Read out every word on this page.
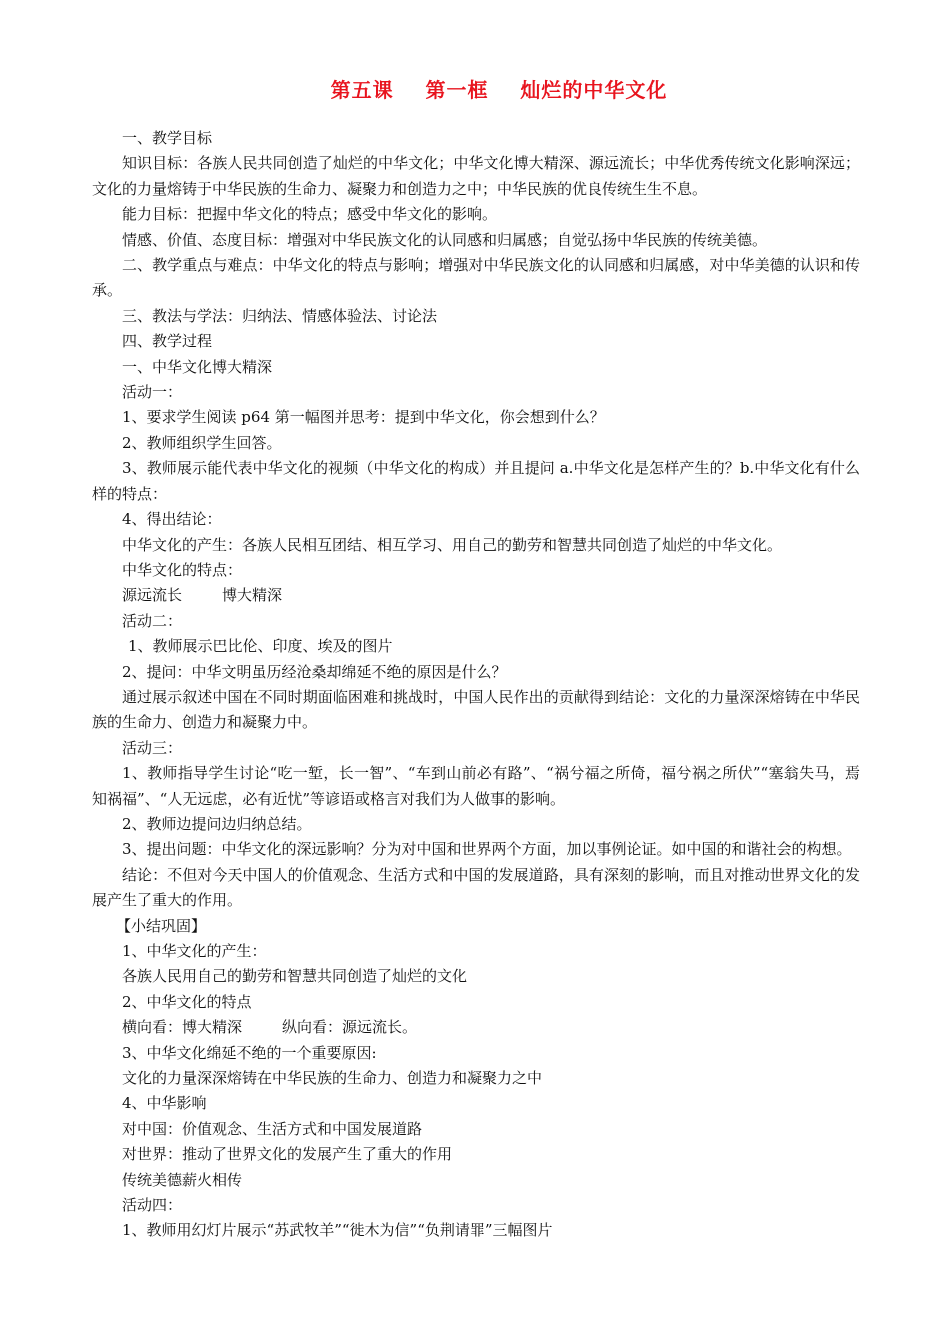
第五课    第一框    灿烂的中华文化

一、教学目标

知识目标：各族人民共同创造了灿烂的中华文化；中华文化博大精深、源远流长；中华优秀传统文化影响深远；文化的力量熔铸于中华民族的生命力、凝聚力和创造力之中；中华民族的优良传统生生不息。

能力目标：把握中华文化的特点；感受中华文化的影响。

情感、价值、态度目标：增强对中华民族文化的认同感和归属感；自觉弘扬中华民族的传统美德。

二、教学重点与难点：中华文化的特点与影响；增强对中华民族文化的认同感和归属感，对中华美德的认识和传承。

三、教法与学法：归纳法、情感体验法、讨论法

四、教学过程

一、中华文化博大精深

活动一：

1、要求学生阅读 p64 第一幅图并思考：提到中华文化，你会想到什么？

2、教师组织学生回答。

3、教师展示能代表中华文化的视频（中华文化的构成）并且提问 a.中华文化是怎样产生的？b.中华文化有什么样的特点：

4、得出结论：

中华文化的产生：各族人民相互团结、相互学习、用自己的勤劳和智慧共同创造了灿烂的中华文化。

中华文化的特点：

源远流长	博大精深

活动二：

1、教师展示巴比伦、印度、埃及的图片

2、提问：中华文明虽历经沧桑却绵延不绝的原因是什么？

通过展示叙述中国在不同时期面临困难和挑战时，中国人民作出的贡献得到结论：文化的力量深深熔铸在中华民族的生命力、创造力和凝聚力中。

活动三：

1、教师指导学生讨论“吃一堑，长一智”、“车到山前必有路”、“祸兮福之所倚，福兮祸之所伏”“塞翁失马，焉知祸福”、“人无远虑，必有近忧”等谚语或格言对我们为人做事的影响。

2、教师边提问边归纳总结。

3、提出问题：中华文化的深远影响？分为对中国和世界两个方面，加以事例论证。如中国的和谐社会的构想。

结论：不但对今天中国人的价值观念、生活方式和中国的发展道路，具有深刻的影响，而且对推动世界文化的发展产生了重大的作用。

【小结巩固】

1、中华文化的产生：

各族人民用自己的勤劳和智慧共同创造了灿烂的文化

2、中华文化的特点

横向看：博大精深	纵向看：源远流长。

3、中华文化绵延不绝的一个重要原因:

文化的力量深深熔铸在中华民族的生命力、创造力和凝聚力之中

4、中华影响

对中国：价值观念、生活方式和中国发展道路

对世界：推动了世界文化的发展产生了重大的作用

传统美德薪火相传

活动四：

1、教师用幻灯片展示“苏武牧羊”“徙木为信”“负荆请罪”三幅图片
